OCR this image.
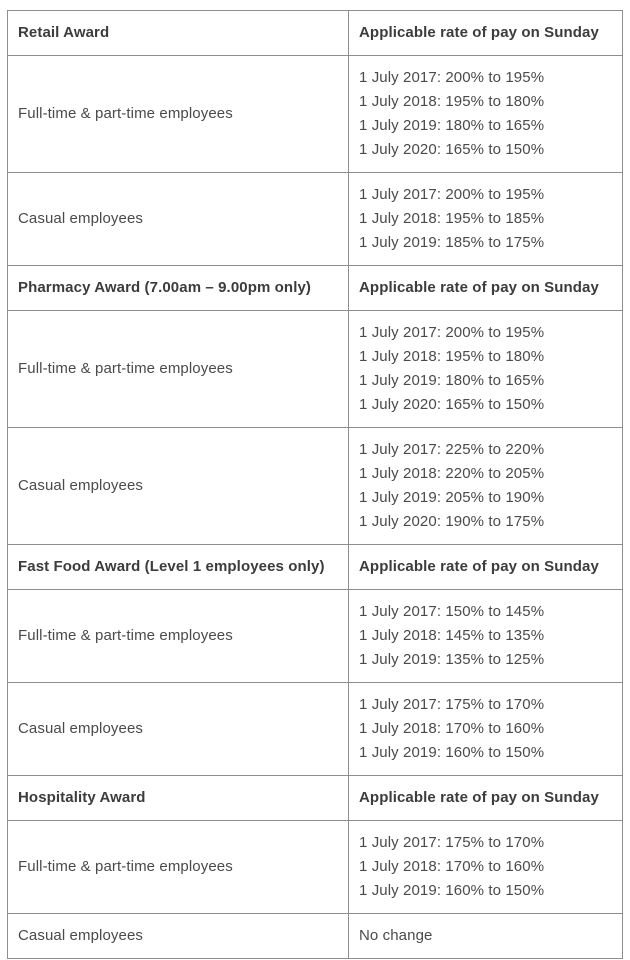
Retail Award	Applicable rate of pay on Sunday
Full-time & part-time employees	1 July 2017: 200% to 195%
1 July 2018: 195% to 180%
1 July 2019: 180% to 165%
1 July 2020: 165% to 150%

Casual employees	1 July 2017: 200% to 195%
1 July 2018: 195% to 185%
1 July 2019: 185% to 175%

Pharmacy Award (7.00am – 9.00pm only)	Applicable rate of pay on Sunday
Full-time & part-time employees	1 July 2017: 200% to 195%
1 July 2018: 195% to 180%
1 July 2019: 180% to 165%
1 July 2020: 165% to 150%

Casual employees	1 July 2017: 225% to 220%
1 July 2018: 220% to 205%
1 July 2019: 205% to 190%
1 July 2020: 190% to 175%

Fast Food Award (Level 1 employees only)	Applicable rate of pay on Sunday
Full-time & part-time employees	1 July 2017: 150% to 145%
1 July 2018: 145% to 135%
1 July 2019: 135% to 125%

Casual employees	1 July 2017: 175% to 170%
1 July 2018: 170% to 160%
1 July 2019: 160% to 150%

Hospitality Award	Applicable rate of pay on Sunday
Full-time & part-time employees	1 July 2017: 175% to 170%
1 July 2018: 170% to 160%
1 July 2019: 160% to 150%

Casual employees	No change
